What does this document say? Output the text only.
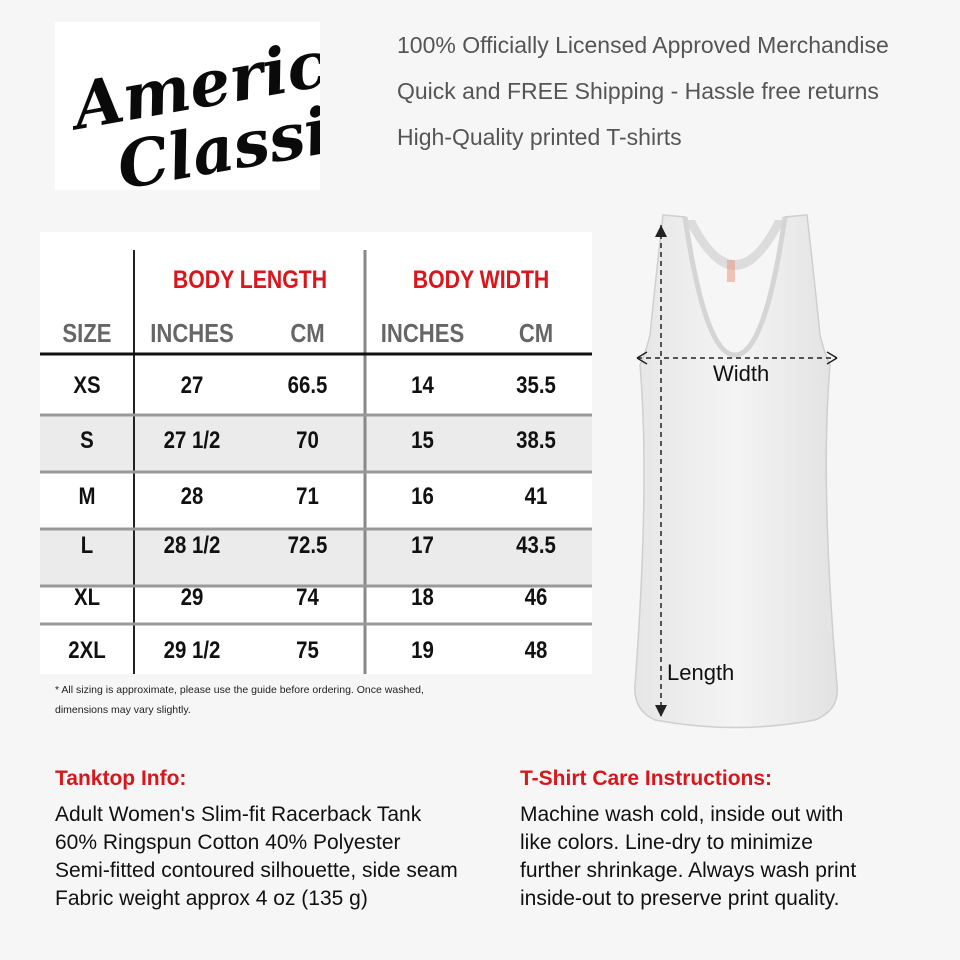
American
Classics
100% Officially Licensed Approved Merchandise
Quick and FREE Shipping - Hassle free returns
High-Quality printed T-shirts
BODY LENGTH	BODY WIDTH
SIZE	INCHES	CM	INCHES	CM
XS	27	66.5	14	35.5
S	27 1/2	70	15	38.5
M	28	71	16	41
L	28 1/2	72.5	17	43.5
XL	29	74	18	46
2XL	29 1/2	75	19	48
* All sizing is approximate, please use the guide before ordering. Once washed,
dimensions may vary slightly.
Width
Length
Tanktop Info:
Adult Women's Slim-fit Racerback Tank
60% Ringspun Cotton 40% Polyester
Semi-fitted contoured silhouette, side seam
Fabric weight approx 4 oz (135 g)
T-Shirt Care Instructions:
Machine wash cold, inside out with
like colors. Line-dry to minimize
further shrinkage. Always wash print
inside-out to preserve print quality.
